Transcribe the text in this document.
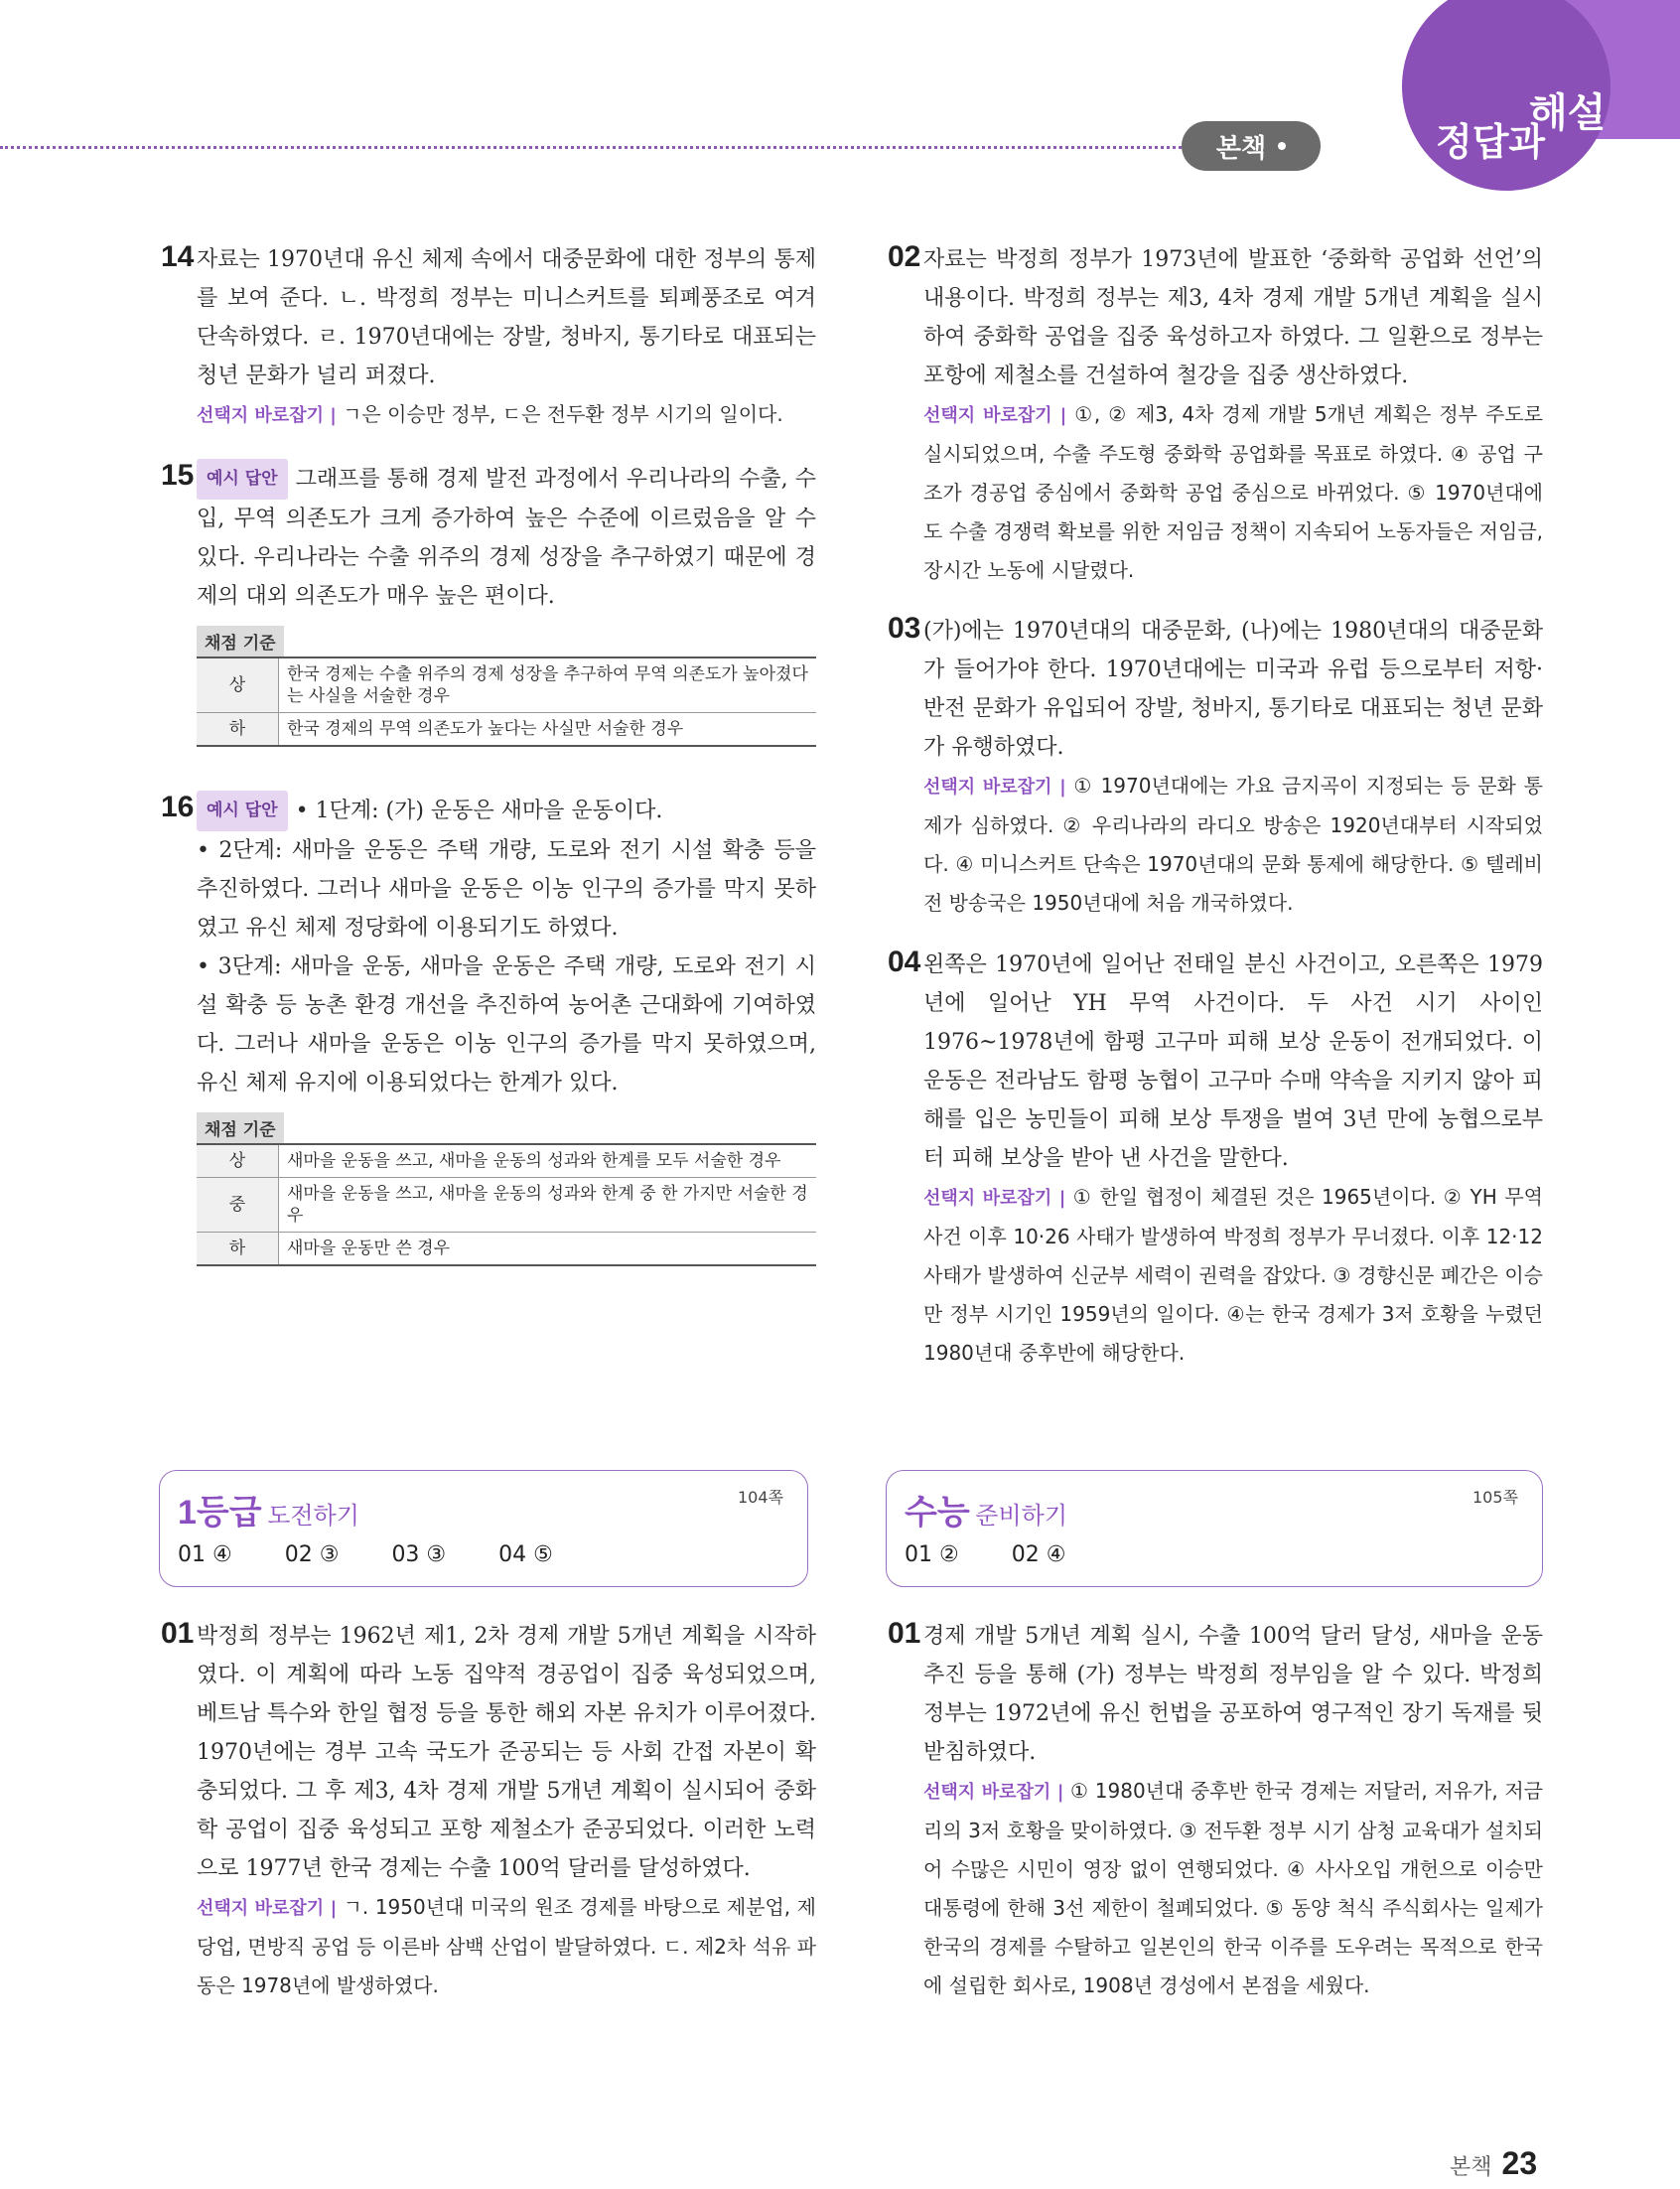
본책
해설
정답과
14 자료는 1970년대 유신 체제 속에서 대중문화에 대한 정부의 통제를 보여 준다. ㄴ. 박정희 정부는 미니스커트를 퇴폐풍조로 여겨 단속하였다. ㄹ. 1970년대에는 장발, 청바지, 통기타로 대표되는 청년 문화가 널리 퍼졌다.
선택지 바로잡기 | ㄱ은 이승만 정부, ㄷ은 전두환 정부 시기의 일이다.
15 예시 답안 그래프를 통해 경제 발전 과정에서 우리나라의 수출, 수입, 무역 의존도가 크게 증가하여 높은 수준에 이르렀음을 알 수 있다. 우리나라는 수출 위주의 경제 성장을 추구하였기 때문에 경제의 대외 의존도가 매우 높은 편이다.
채점 기준
상	한국 경제는 수출 위주의 경제 성장을 추구하여 무역 의존도가 높아졌다는 사실을 서술한 경우
하	한국 경제의 무역 의존도가 높다는 사실만 서술한 경우
16 예시 답안 • 1단계: (가) 운동은 새마을 운동이다.
• 2단계: 새마을 운동은 주택 개량, 도로와 전기 시설 확충 등을 추진하였다. 그러나 새마을 운동은 이농 인구의 증가를 막지 못하였고 유신 체제 정당화에 이용되기도 하였다.
• 3단계: 새마을 운동, 새마을 운동은 주택 개량, 도로와 전기 시설 확충 등 농촌 환경 개선을 추진하여 농어촌 근대화에 기여하였다. 그러나 새마을 운동은 이농 인구의 증가를 막지 못하였으며, 유신 체제 유지에 이용되었다는 한계가 있다.
채점 기준
상	새마을 운동을 쓰고, 새마을 운동의 성과와 한계를 모두 서술한 경우
중	새마을 운동을 쓰고, 새마을 운동의 성과와 한계 중 한 가지만 서술한 경우
하	새마을 운동만 쓴 경우
1등급 도전하기
104쪽
01 ④ 02 ③ 03 ③ 04 ⑤
01 박정희 정부는 1962년 제1, 2차 경제 개발 5개년 계획을 시작하였다. 이 계획에 따라 노동 집약적 경공업이 집중 육성되었으며, 베트남 특수와 한일 협정 등을 통한 해외 자본 유치가 이루어졌다. 1970년에는 경부 고속 국도가 준공되는 등 사회 간접 자본이 확충되었다. 그 후 제3, 4차 경제 개발 5개년 계획이 실시되어 중화학 공업이 집중 육성되고 포항 제철소가 준공되었다. 이러한 노력으로 1977년 한국 경제는 수출 100억 달러를 달성하였다.
선택지 바로잡기 | ㄱ. 1950년대 미국의 원조 경제를 바탕으로 제분업, 제당업, 면방직 공업 등 이른바 삼백 산업이 발달하였다. ㄷ. 제2차 석유 파동은 1978년에 발생하였다.
02 자료는 박정희 정부가 1973년에 발표한 ‘중화학 공업화 선언’의 내용이다. 박정희 정부는 제3, 4차 경제 개발 5개년 계획을 실시하여 중화학 공업을 집중 육성하고자 하였다. 그 일환으로 정부는 포항에 제철소를 건설하여 철강을 집중 생산하였다.
선택지 바로잡기 | ①, ② 제3, 4차 경제 개발 5개년 계획은 정부 주도로 실시되었으며, 수출 주도형 중화학 공업화를 목표로 하였다. ④ 공업 구조가 경공업 중심에서 중화학 공업 중심으로 바뀌었다. ⑤ 1970년대에도 수출 경쟁력 확보를 위한 저임금 정책이 지속되어 노동자들은 저임금, 장시간 노동에 시달렸다.
03 (가)에는 1970년대의 대중문화, (나)에는 1980년대의 대중문화가 들어가야 한다. 1970년대에는 미국과 유럽 등으로부터 저항·반전 문화가 유입되어 장발, 청바지, 통기타로 대표되는 청년 문화가 유행하였다.
선택지 바로잡기 | ① 1970년대에는 가요 금지곡이 지정되는 등 문화 통제가 심하였다. ② 우리나라의 라디오 방송은 1920년대부터 시작되었다. ④ 미니스커트 단속은 1970년대의 문화 통제에 해당한다. ⑤ 텔레비전 방송국은 1950년대에 처음 개국하였다.
04 왼쪽은 1970년에 일어난 전태일 분신 사건이고, 오른쪽은 1979년에 일어난 YH 무역 사건이다. 두 사건 시기 사이인 1976~1978년에 함평 고구마 피해 보상 운동이 전개되었다. 이 운동은 전라남도 함평 농협이 고구마 수매 약속을 지키지 않아 피해를 입은 농민들이 피해 보상 투쟁을 벌여 3년 만에 농협으로부터 피해 보상을 받아 낸 사건을 말한다.
선택지 바로잡기 | ① 한일 협정이 체결된 것은 1965년이다. ② YH 무역 사건 이후 10·26 사태가 발생하여 박정희 정부가 무너졌다. 이후 12·12 사태가 발생하여 신군부 세력이 권력을 잡았다. ③ 경향신문 폐간은 이승만 정부 시기인 1959년의 일이다. ④는 한국 경제가 3저 호황을 누렸던 1980년대 중후반에 해당한다.
수능 준비하기
105쪽
01 ② 02 ④
01 경제 개발 5개년 계획 실시, 수출 100억 달러 달성, 새마을 운동 추진 등을 통해 (가) 정부는 박정희 정부임을 알 수 있다. 박정희 정부는 1972년에 유신 헌법을 공포하여 영구적인 장기 독재를 뒷받침하였다.
선택지 바로잡기 | ① 1980년대 중후반 한국 경제는 저달러, 저유가, 저금리의 3저 호황을 맞이하였다. ③ 전두환 정부 시기 삼청 교육대가 설치되어 수많은 시민이 영장 없이 연행되었다. ④ 사사오입 개헌으로 이승만 대통령에 한해 3선 제한이 철폐되었다. ⑤ 동양 척식 주식회사는 일제가 한국의 경제를 수탈하고 일본인의 한국 이주를 도우려는 목적으로 한국에 설립한 회사로, 1908년 경성에서 본점을 세웠다.
본책 23
